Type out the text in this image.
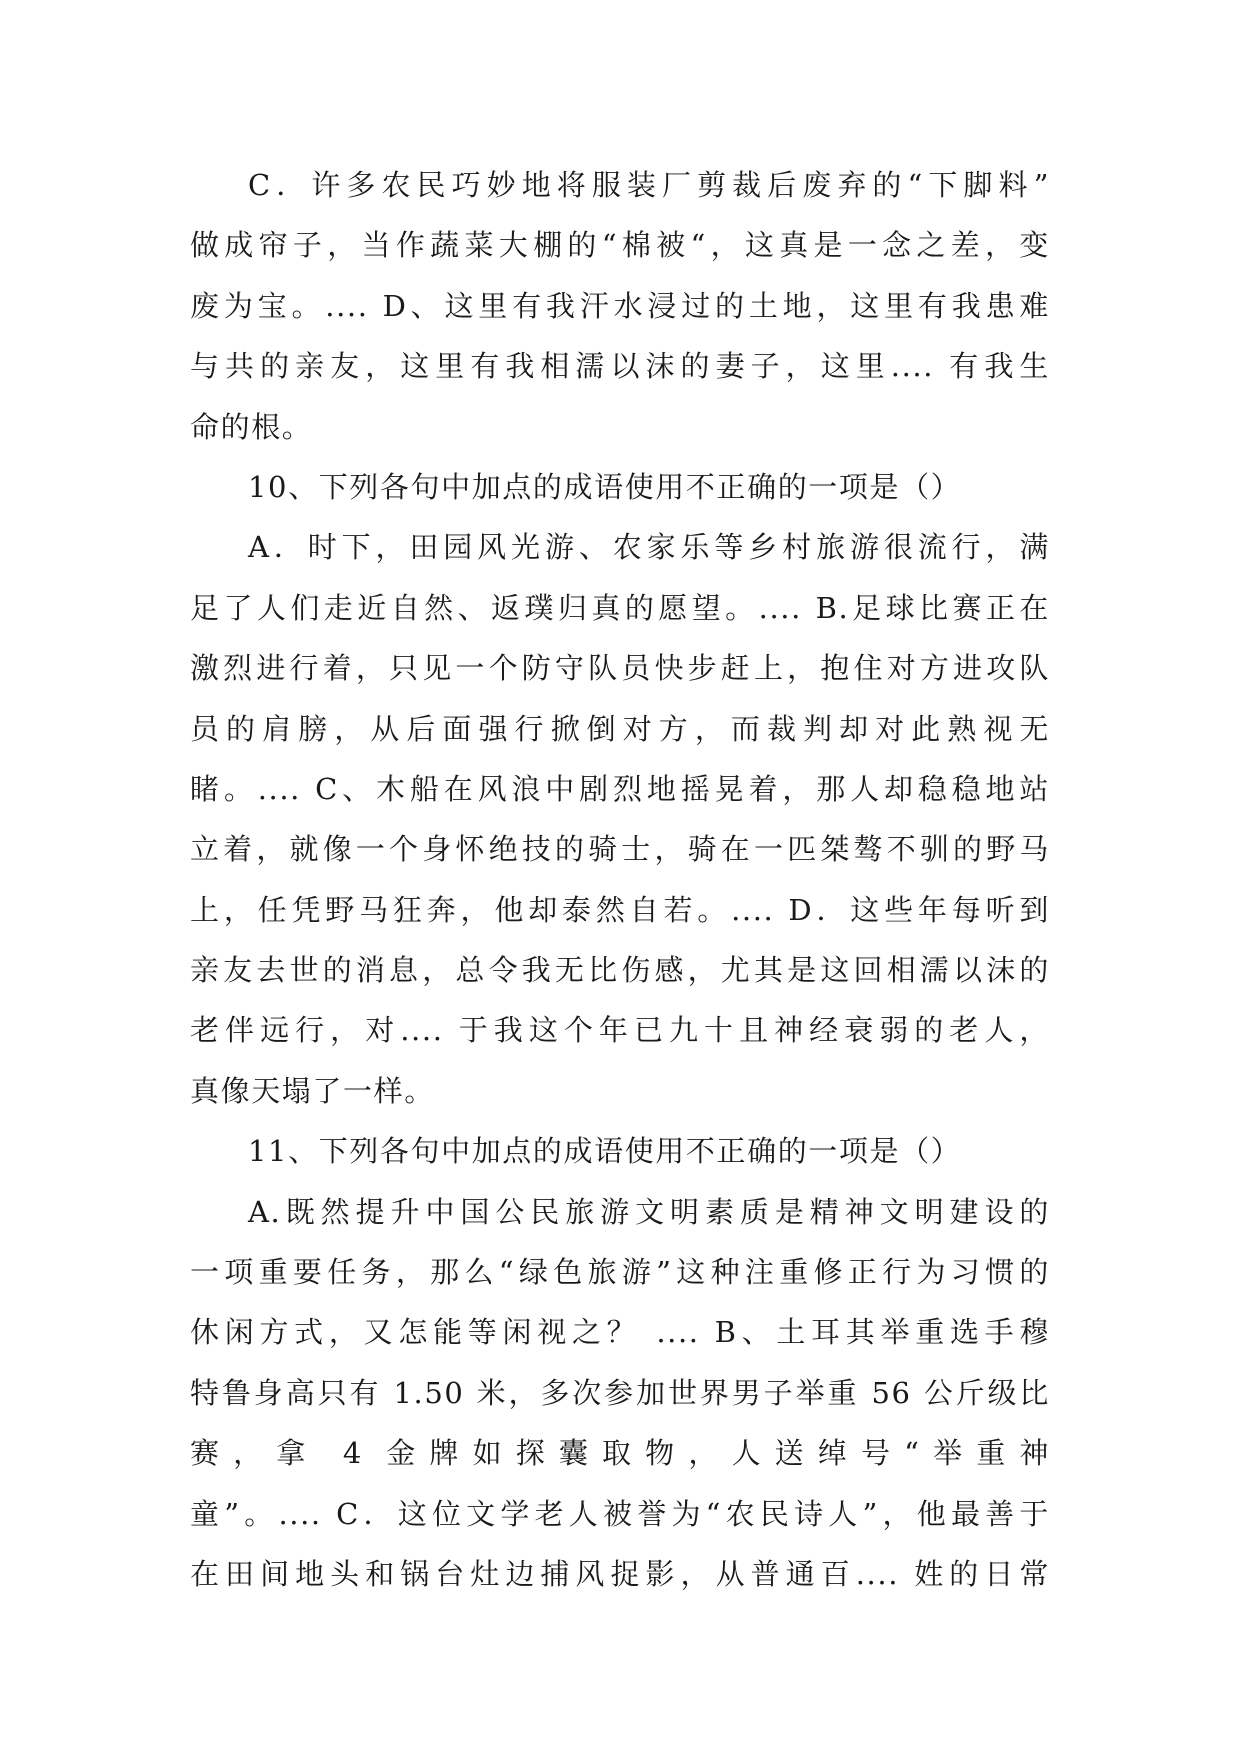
C．许多农民巧妙地将服装厂剪裁后废弃的“下脚料”
做成帘子，当作蔬菜大棚的“棉被“，这真是一念之差，变
废为宝。.... D、这里有我汗水浸过的土地，这里有我患难
与共的亲友，这里有我相濡以沫的妻子，这里.... 有我生
命的根。
10、下列各句中加点的成语使用不正确的一项是（）
A．时下，田园风光游、农家乐等乡村旅游很流行，满
足了人们走近自然、返璞归真的愿望。.... B.足球比赛正在
激烈进行着，只见一个防守队员快步赶上，抱住对方进攻队
员的肩膀，从后面强行掀倒对方，而裁判却对此熟视无
睹。.... C、木船在风浪中剧烈地摇晃着，那人却稳稳地站
立着，就像一个身怀绝技的骑士，骑在一匹桀骜不驯的野马
上，任凭野马狂奔，他却泰然自若。.... D．这些年每听到
亲友去世的消息，总令我无比伤感，尤其是这回相濡以沫的
老伴远行，对.... 于我这个年已九十且神经衰弱的老人，
真像天塌了一样。
11、下列各句中加点的成语使用不正确的一项是（）
A.既然提升中国公民旅游文明素质是精神文明建设的
一项重要任务，那么“绿色旅游”这种注重修正行为习惯的
休闲方式，又怎能等闲视之？ .... B、土耳其举重选手穆
特鲁身高只有 1.50 米，多次参加世界男子举重 56 公斤级比
赛，拿 4 金牌如探囊取物，人送绰号“举重神
童”。.... C．这位文学老人被誉为“农民诗人”，他最善于
在田间地头和锅台灶边捕风捉影，从普通百.... 姓的日常
